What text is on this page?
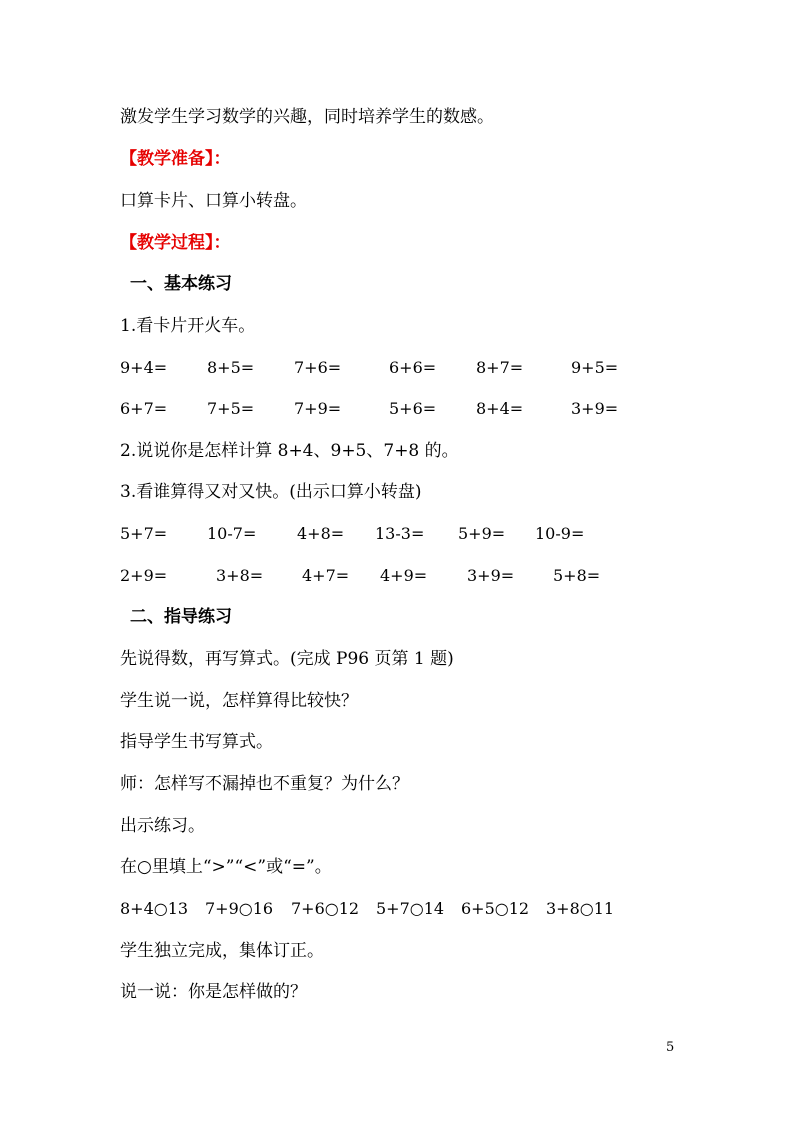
激发学生学习数学的兴趣，同时培养学生的数感。
【教学准备】：
口算卡片、口算小转盘。
【教学过程】：
一、基本练习
1.看卡片开火车。
9+4= 8+5= 7+6=	6+6= 8+7=	9+5=
6+7= 7+5= 7+9=	5+6= 8+4=	3+9=
2.说说你是怎样计算 8+4、9+5、7+8 的。
3.看谁算得又对又快。(出示口算小转盘)
5+7= 10-7=	4+8= 13-3= 5+9= 10-9=
2+9=	3+8= 4+7= 4+9= 3+9= 5+8=
二、指导练习
先说得数，再写算式。(完成 P96 页第 1 题)
学生说一说，怎样算得比较快？
指导学生书写算式。
师：怎样写不漏掉也不重复？为什么？
出示练习。
在○里填上“>”“<”或“=”。
8+4○13 7+9○16 7+6○12 5+7○14 6+5○12 3+8○11
学生独立完成，集体订正。
说一说：你是怎样做的？
5
